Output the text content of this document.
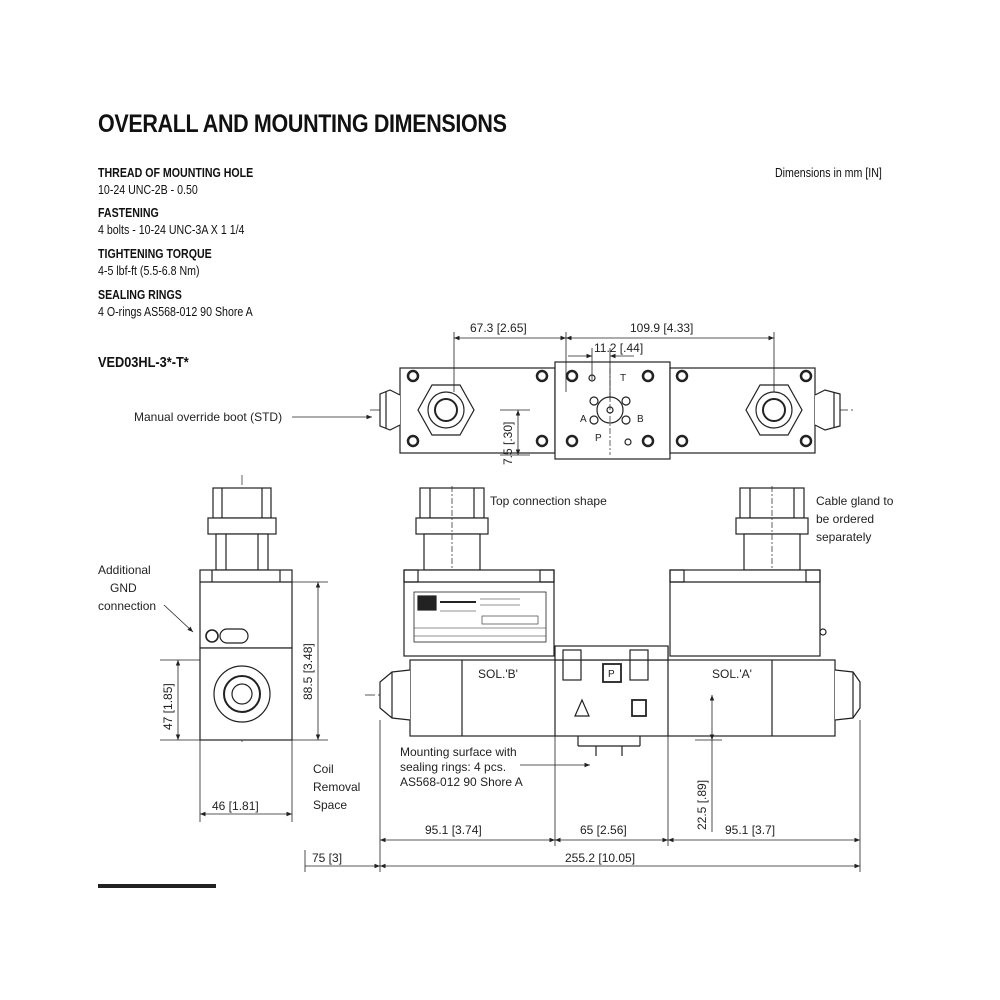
OVERALL AND MOUNTING DIMENSIONS
Dimensions in mm [IN]
THREAD OF MOUNTING HOLE
10-24 UNC-2B - 0.50
FASTENING
4 bolts - 10-24 UNC-3A X 1 1/4
TIGHTENING TORQUE
4-5 lbf-ft (5.5-6.8 Nm)
SEALING RINGS
4 O-rings AS568-012 90 Shore A
VED03HL-3*-T*
T
A	B
P
67.3 [2.65]	109.9 [4.33]
11.2 [.44]
7.5 [.30]
Manual override boot (STD)
Additional
GND
connection
88.5 [3.48]
47 [1.85]
46 [1.81]
Coil
Removal
Space
P
SOL.'B'	SOL.'A'
Top connection shape	Cable gland to
be ordered
separately
Mounting surface with
sealing rings: 4 pcs.
AS568-012 90 Shore A	22.5 [.89]
95.1 [3.74]	65 [2.56]	95.1 [3.7]
75 [3]	255.2 [10.05]
